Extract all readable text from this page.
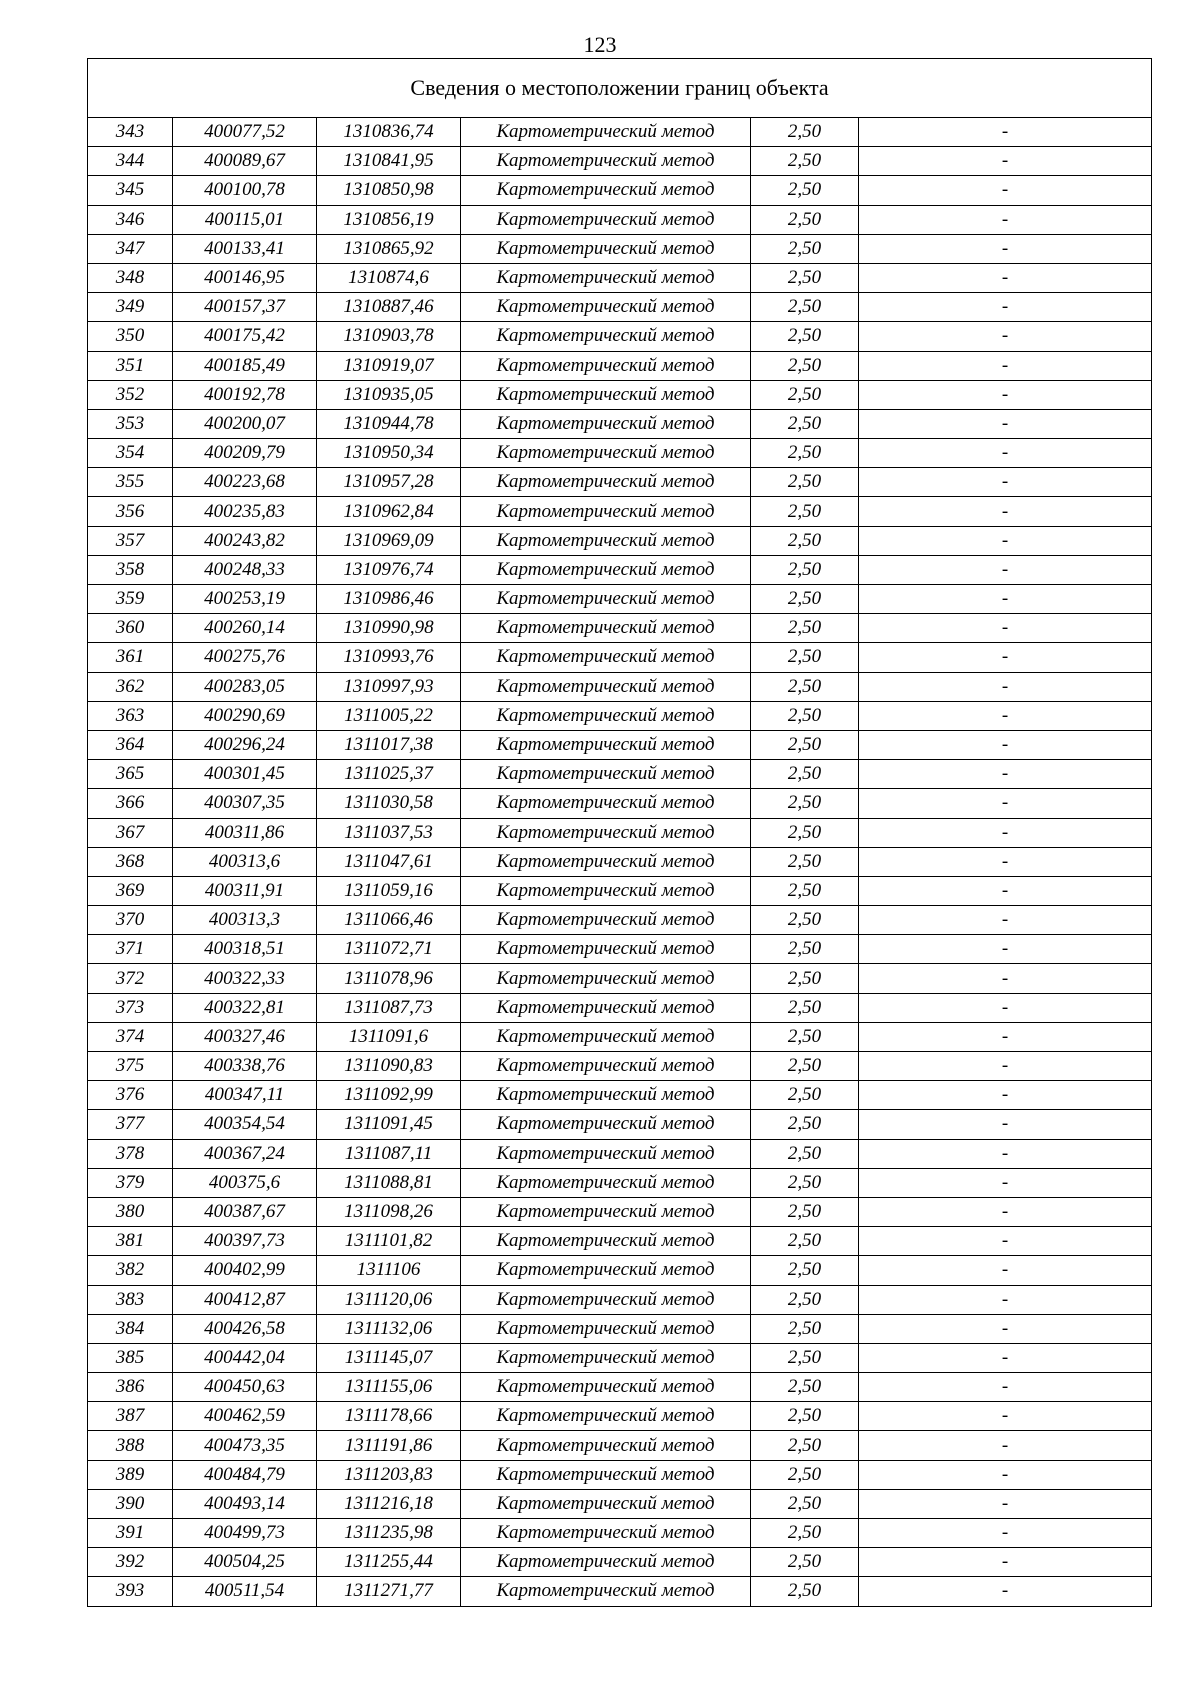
123
Сведения о местоположении границ объекта					
343	400077,52	1310836,74	Картометрический метод	2,50	-
344	400089,67	1310841,95	Картометрический метод	2,50	-
345	400100,78	1310850,98	Картометрический метод	2,50	-
346	400115,01	1310856,19	Картометрический метод	2,50	-
347	400133,41	1310865,92	Картометрический метод	2,50	-
348	400146,95	1310874,6	Картометрический метод	2,50	-
349	400157,37	1310887,46	Картометрический метод	2,50	-
350	400175,42	1310903,78	Картометрический метод	2,50	-
351	400185,49	1310919,07	Картометрический метод	2,50	-
352	400192,78	1310935,05	Картометрический метод	2,50	-
353	400200,07	1310944,78	Картометрический метод	2,50	-
354	400209,79	1310950,34	Картометрический метод	2,50	-
355	400223,68	1310957,28	Картометрический метод	2,50	-
356	400235,83	1310962,84	Картометрический метод	2,50	-
357	400243,82	1310969,09	Картометрический метод	2,50	-
358	400248,33	1310976,74	Картометрический метод	2,50	-
359	400253,19	1310986,46	Картометрический метод	2,50	-
360	400260,14	1310990,98	Картометрический метод	2,50	-
361	400275,76	1310993,76	Картометрический метод	2,50	-
362	400283,05	1310997,93	Картометрический метод	2,50	-
363	400290,69	1311005,22	Картометрический метод	2,50	-
364	400296,24	1311017,38	Картометрический метод	2,50	-
365	400301,45	1311025,37	Картометрический метод	2,50	-
366	400307,35	1311030,58	Картометрический метод	2,50	-
367	400311,86	1311037,53	Картометрический метод	2,50	-
368	400313,6	1311047,61	Картометрический метод	2,50	-
369	400311,91	1311059,16	Картометрический метод	2,50	-
370	400313,3	1311066,46	Картометрический метод	2,50	-
371	400318,51	1311072,71	Картометрический метод	2,50	-
372	400322,33	1311078,96	Картометрический метод	2,50	-
373	400322,81	1311087,73	Картометрический метод	2,50	-
374	400327,46	1311091,6	Картометрический метод	2,50	-
375	400338,76	1311090,83	Картометрический метод	2,50	-
376	400347,11	1311092,99	Картометрический метод	2,50	-
377	400354,54	1311091,45	Картометрический метод	2,50	-
378	400367,24	1311087,11	Картометрический метод	2,50	-
379	400375,6	1311088,81	Картометрический метод	2,50	-
380	400387,67	1311098,26	Картометрический метод	2,50	-
381	400397,73	1311101,82	Картометрический метод	2,50	-
382	400402,99	1311106	Картометрический метод	2,50	-
383	400412,87	1311120,06	Картометрический метод	2,50	-
384	400426,58	1311132,06	Картометрический метод	2,50	-
385	400442,04	1311145,07	Картометрический метод	2,50	-
386	400450,63	1311155,06	Картометрический метод	2,50	-
387	400462,59	1311178,66	Картометрический метод	2,50	-
388	400473,35	1311191,86	Картометрический метод	2,50	-
389	400484,79	1311203,83	Картометрический метод	2,50	-
390	400493,14	1311216,18	Картометрический метод	2,50	-
391	400499,73	1311235,98	Картометрический метод	2,50	-
392	400504,25	1311255,44	Картометрический метод	2,50	-
393	400511,54	1311271,77	Картометрический метод	2,50	-
